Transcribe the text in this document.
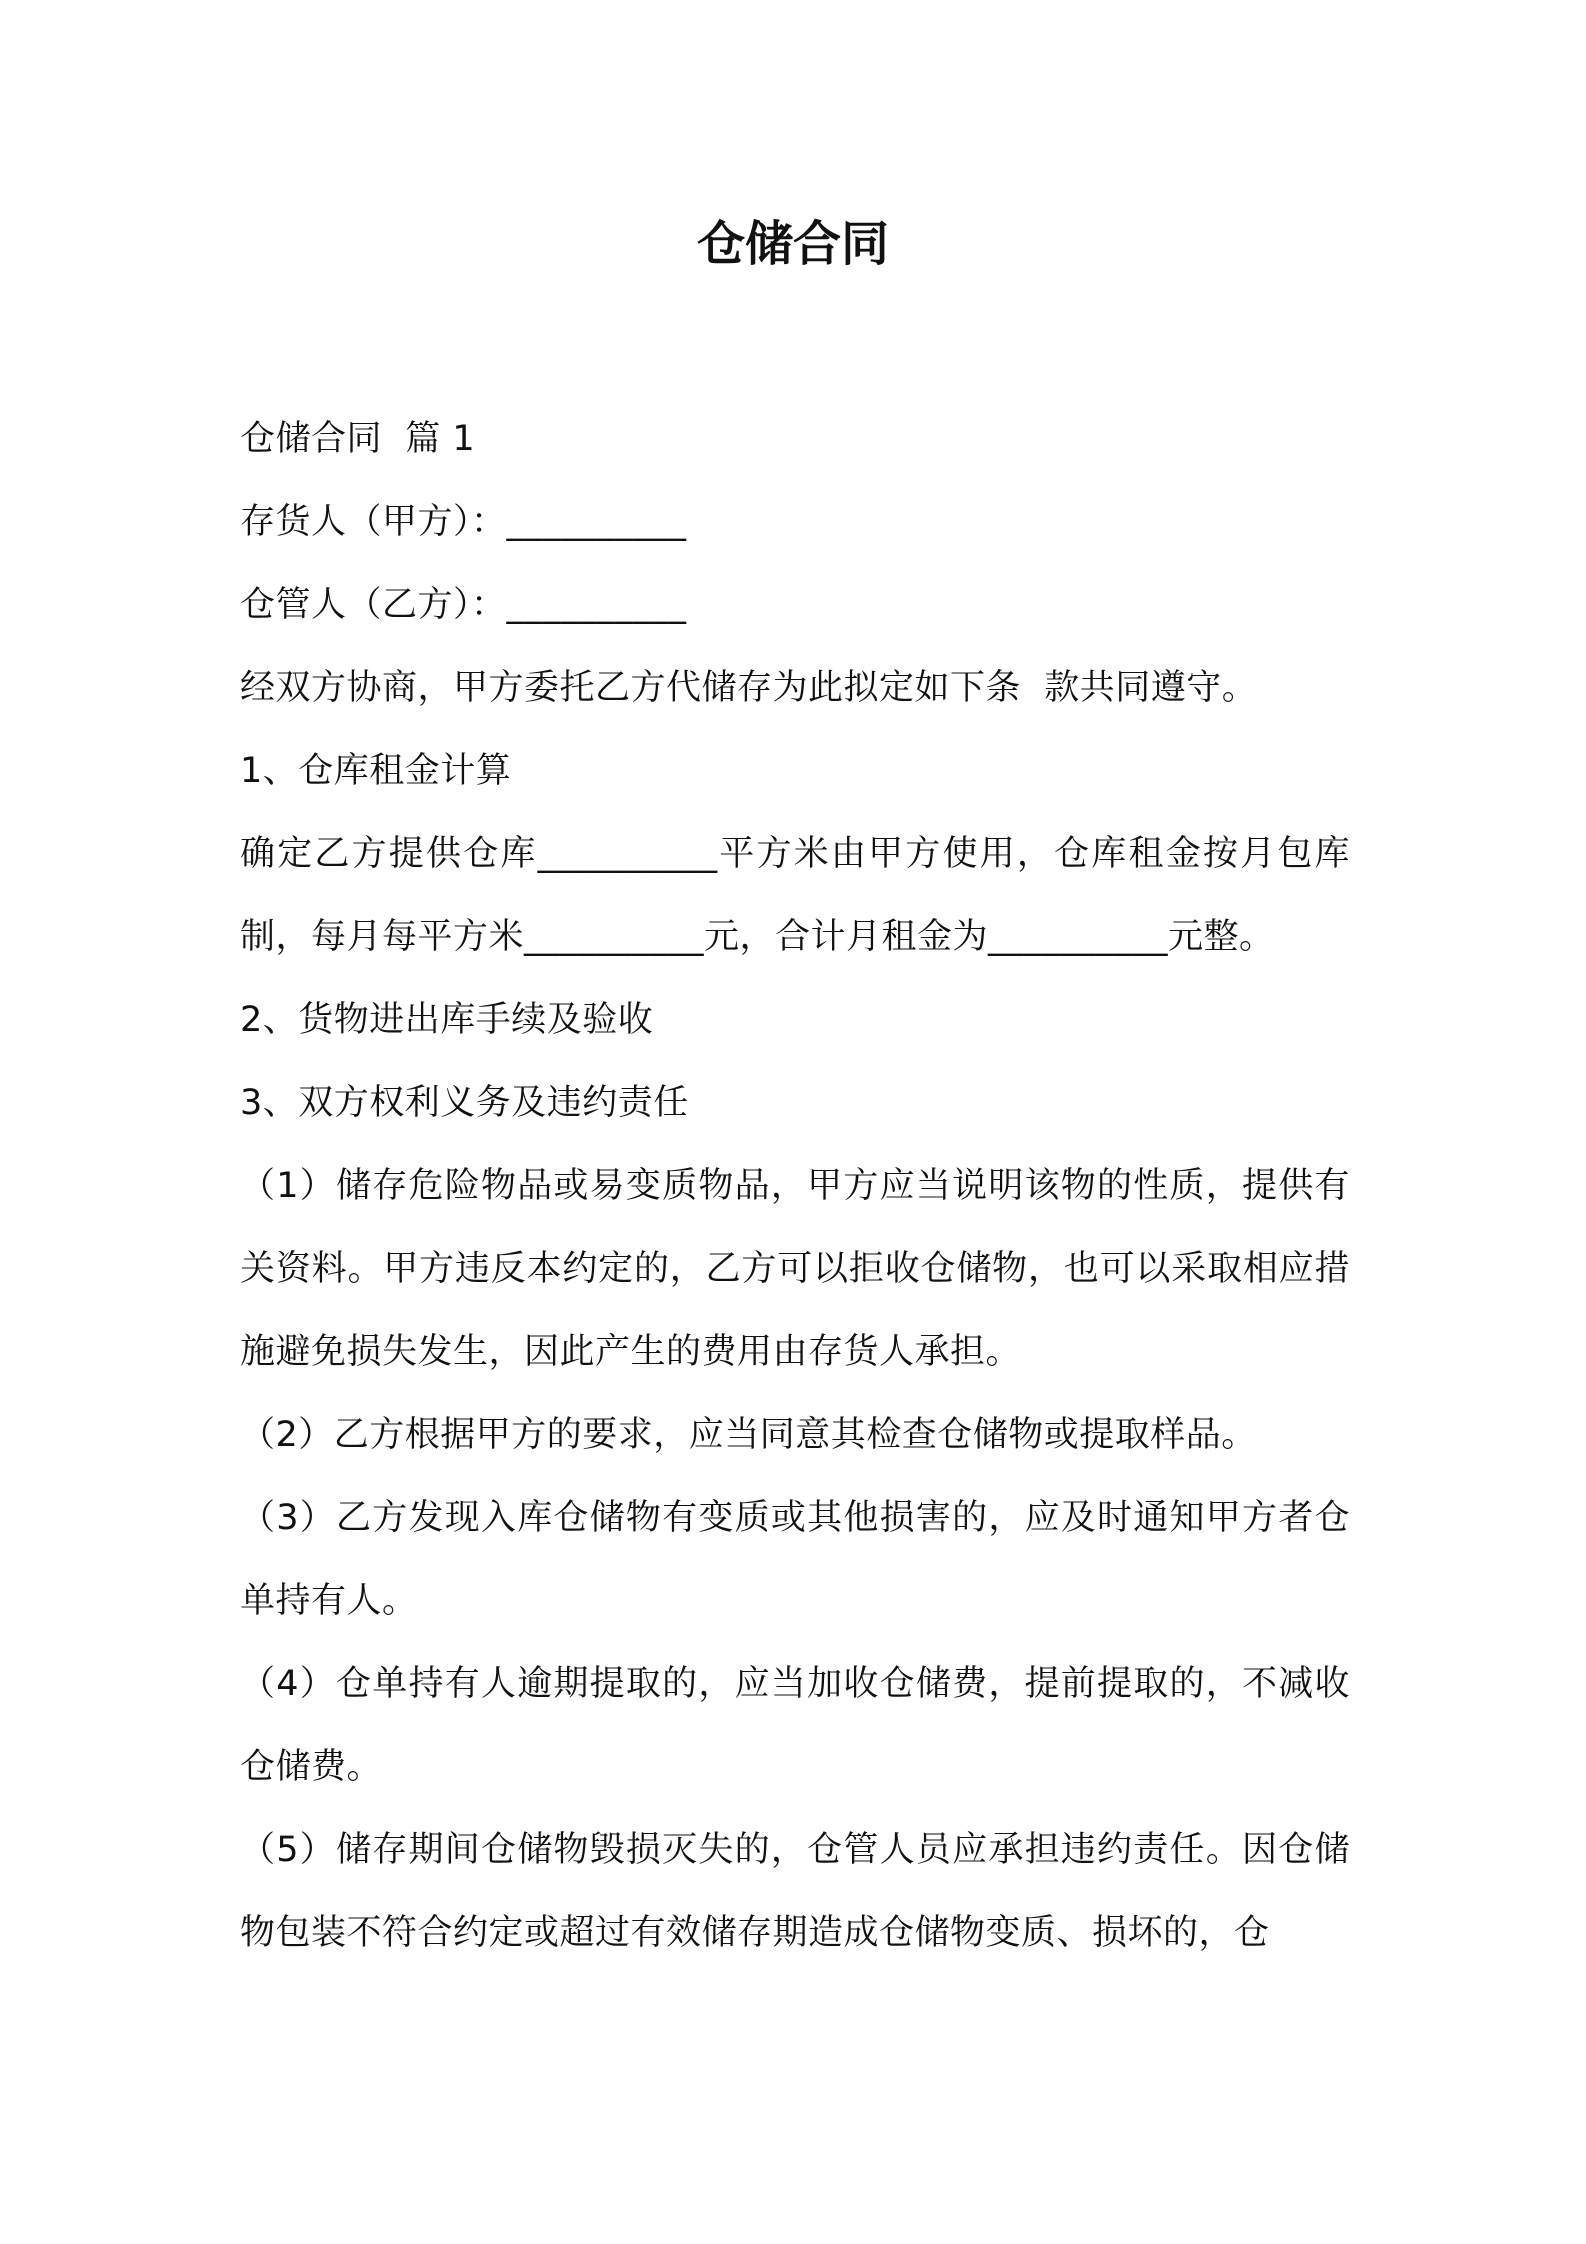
仓储合同

仓储合同  篇 1

存货人（甲方）：__________

仓管人（乙方）：__________

经双方协商，甲方委托乙方代储存为此拟定如下条  款共同遵守。

1、仓库租金计算

确定乙方提供仓库__________平方米由甲方使用，仓库租金按月包库制，每月每平方米__________元，合计月租金为__________元整。

2、货物进出库手续及验收

3、双方权利义务及违约责任

（1）储存危险物品或易变质物品，甲方应当说明该物的性质，提供有关资料。甲方违反本约定的，乙方可以拒收仓储物，也可以采取相应措施避免损失发生，因此产生的费用由存货人承担。

（2）乙方根据甲方的要求，应当同意其检查仓储物或提取样品。

（3）乙方发现入库仓储物有变质或其他损害的，应及时通知甲方者仓单持有人。

（4）仓单持有人逾期提取的，应当加收仓储费，提前提取的，不减收仓储费。

（5）储存期间仓储物毁损灭失的，仓管人员应承担违约责任。因仓储物包装不符合约定或超过有效储存期造成仓储物变质、损坏的，仓
